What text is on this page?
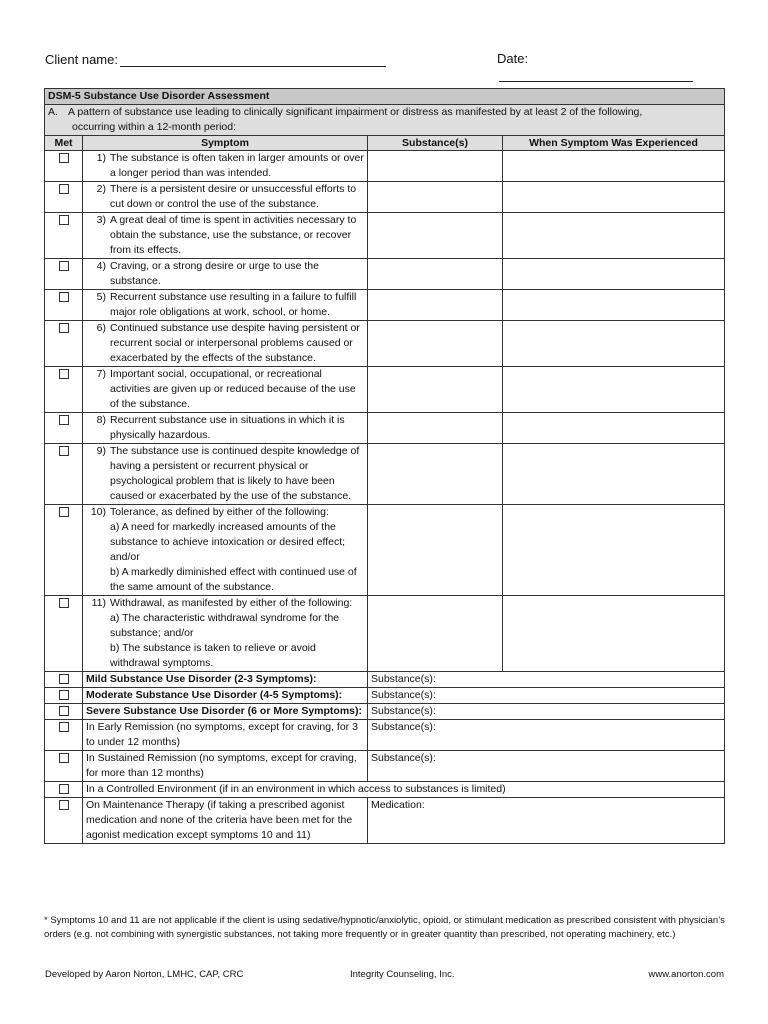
Client name:	Date:
DSM-5 Substance Use Disorder Assessment			

A. A pattern of substance use leading to clinically significant impairment or distress as manifested by at least 2 of the following,
occurring within a 12-month period:			

Met	Symptom	Substance(s)	When Symptom Was Experienced

	1) The substance is often taken in larger amounts or over a longer period than was intended.		

	2) There is a persistent desire or unsuccessful efforts to cut down or control the use of the substance.		

	3) A great deal of time is spent in activities necessary to obtain the substance, use the substance, or recover from its effects.		

	4) Craving, or a strong desire or urge to use the substance.		

	5) Recurrent substance use resulting in a failure to fulfill major role obligations at work, school, or home.		

	6) Continued substance use despite having persistent or recurrent social or interpersonal problems caused or exacerbated by the effects of the substance.		

	7) Important social, occupational, or recreational activities are given up or reduced because of the use of the substance.		

	8) Recurrent substance use in situations in which it is physically hazardous.		

	9) The substance use is continued despite knowledge of having a persistent or recurrent physical or psychological problem that is likely to have been caused or exacerbated by the use of the substance.		

	10) Tolerance, as defined by either of the following:
a) A need for markedly increased amounts of the substance to achieve intoxication or desired effect; and/or
b) A markedly diminished effect with continued use of the same amount of the substance.		

	11) Withdrawal, as manifested by either of the following:
a) The characteristic withdrawal syndrome for the substance; and/or
b) The substance is taken to relieve or avoid withdrawal symptoms.		

	Mild Substance Use Disorder (2-3 Symptoms):	Substance(s):	
	Moderate Substance Use Disorder (4-5 Symptoms):	Substance(s):	
	Severe Substance Use Disorder (6 or More Symptoms):	Substance(s):	
	In Early Remission (no symptoms, except for craving, for 3 to under 12 months)	Substance(s):	
	In Sustained Remission (no symptoms, except for craving, for more than 12 months)	Substance(s):	
	In a Controlled Environment (if in an environment in which access to substances is limited)		
	On Maintenance Therapy (if taking a prescribed agonist medication and none of the criteria have been met for the agonist medication except symptoms 10 and 11)	Medication:	
* Symptoms 10 and 11 are not applicable if the client is using sedative/hypnotic/anxiolytic, opioid, or stimulant medication as prescribed consistent with physician’s orders (e.g. not combining with synergistic substances, not taking more frequently or in greater quantity than prescribed, not operating machinery, etc.)
Developed by Aaron Norton, LMHC, CAP, CRC	Integrity Counseling, Inc.	www.anorton.com
